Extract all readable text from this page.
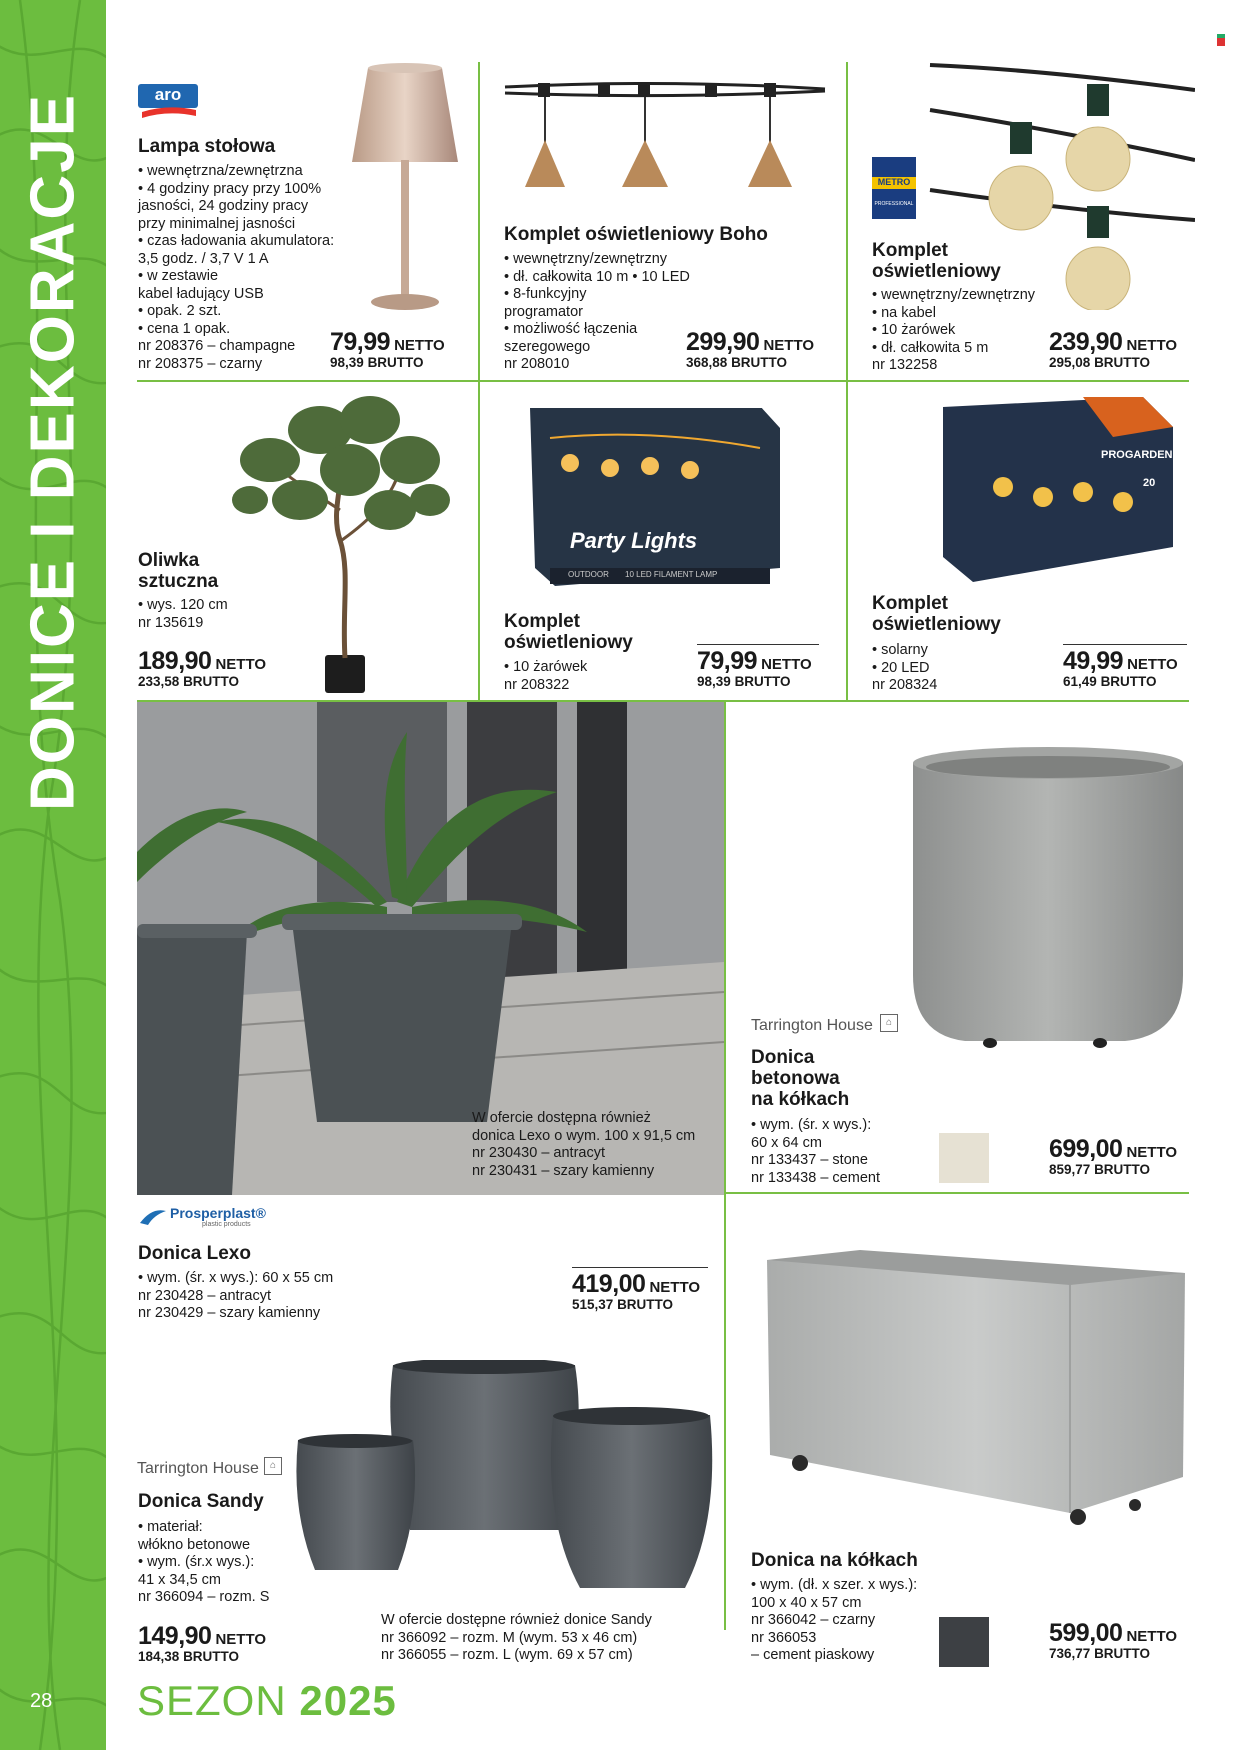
DONICE I DEKORACJE
28 SEZON 2025
aro
Lampa stołowa
• wewnętrzna/zewnętrzna
• 4 godziny pracy przy 100%
jasności, 24 godziny pracy
przy minimalnej jasności
• czas ładowania akumulatora:
3,5 godz. / 3,7 V 1 A
• w zestawie
kabel ładujący USB
• opak. 2 szt.
• cena 1 opak.
nr 208376 – champagne
nr 208375 – czarny
79,99 NETTO
98,39 BRUTTO
Komplet oświetleniowy Boho
• wewnętrzny/zewnętrzny
• dł. całkowita 10 m • 10 LED
• 8-funkcyjny
programator
• możliwość łączenia
szeregowego
nr 208010
299,90 NETTO
368,88 BRUTTO
METRO
PROFESSIONAL
Komplet
oświetleniowy
• wewnętrzny/zewnętrzny
• na kabel
• 10 żarówek
• dł. całkowita 5 m
nr 132258
239,90 NETTO
295,08 BRUTTO
Oliwka
sztuczna
• wys. 120 cm
nr 135619
189,90 NETTO
233,58 BRUTTO
Party Lights
10 LED FILAMENT LAMP
OUTDOOR
Komplet
oświetleniowy
• 10 żarówek
nr 208322
79,99 NETTO
98,39 BRUTTO
PROGARDEN
20
Komplet
oświetleniowy
• solarny
• 20 LED
nr 208324
49,99 NETTO
61,49 BRUTTO
W ofercie dostępna również
donica Lexo o wym. 100 x 91,5 cm
nr 230430 – antracyt
nr 230431 – szary kamienny
Prosperplast®
plastic products
Donica Lexo
• wym. (śr. x wys.): 60 x 55 cm
nr 230428 – antracyt
nr 230429 – szary kamienny
419,00 NETTO
515,37 BRUTTO
Tarrington House	⌂
Donica
betonowa
na kółkach
• wym. (śr. x wys.):
60 x 64 cm
nr 133437 – stone
nr 133438 – cement
699,00 NETTO
859,77 BRUTTO
Tarrington House	⌂
Donica Sandy
• materiał:
włókno betonowe
• wym. (śr.x wys.):
41 x 34,5 cm
nr 366094 – rozm. S
149,90 NETTO
184,38 BRUTTO
W ofercie dostępne również donice Sandy
nr 366092 – rozm. M (wym. 53 x 46 cm)
nr 366055 – rozm. L (wym. 69 x 57 cm)
Donica na kółkach
• wym. (dł. x szer. x wys.):
100 x 40 x 57 cm
nr 366042 – czarny
nr 366053
– cement piaskowy
599,00 NETTO
736,77 BRUTTO
